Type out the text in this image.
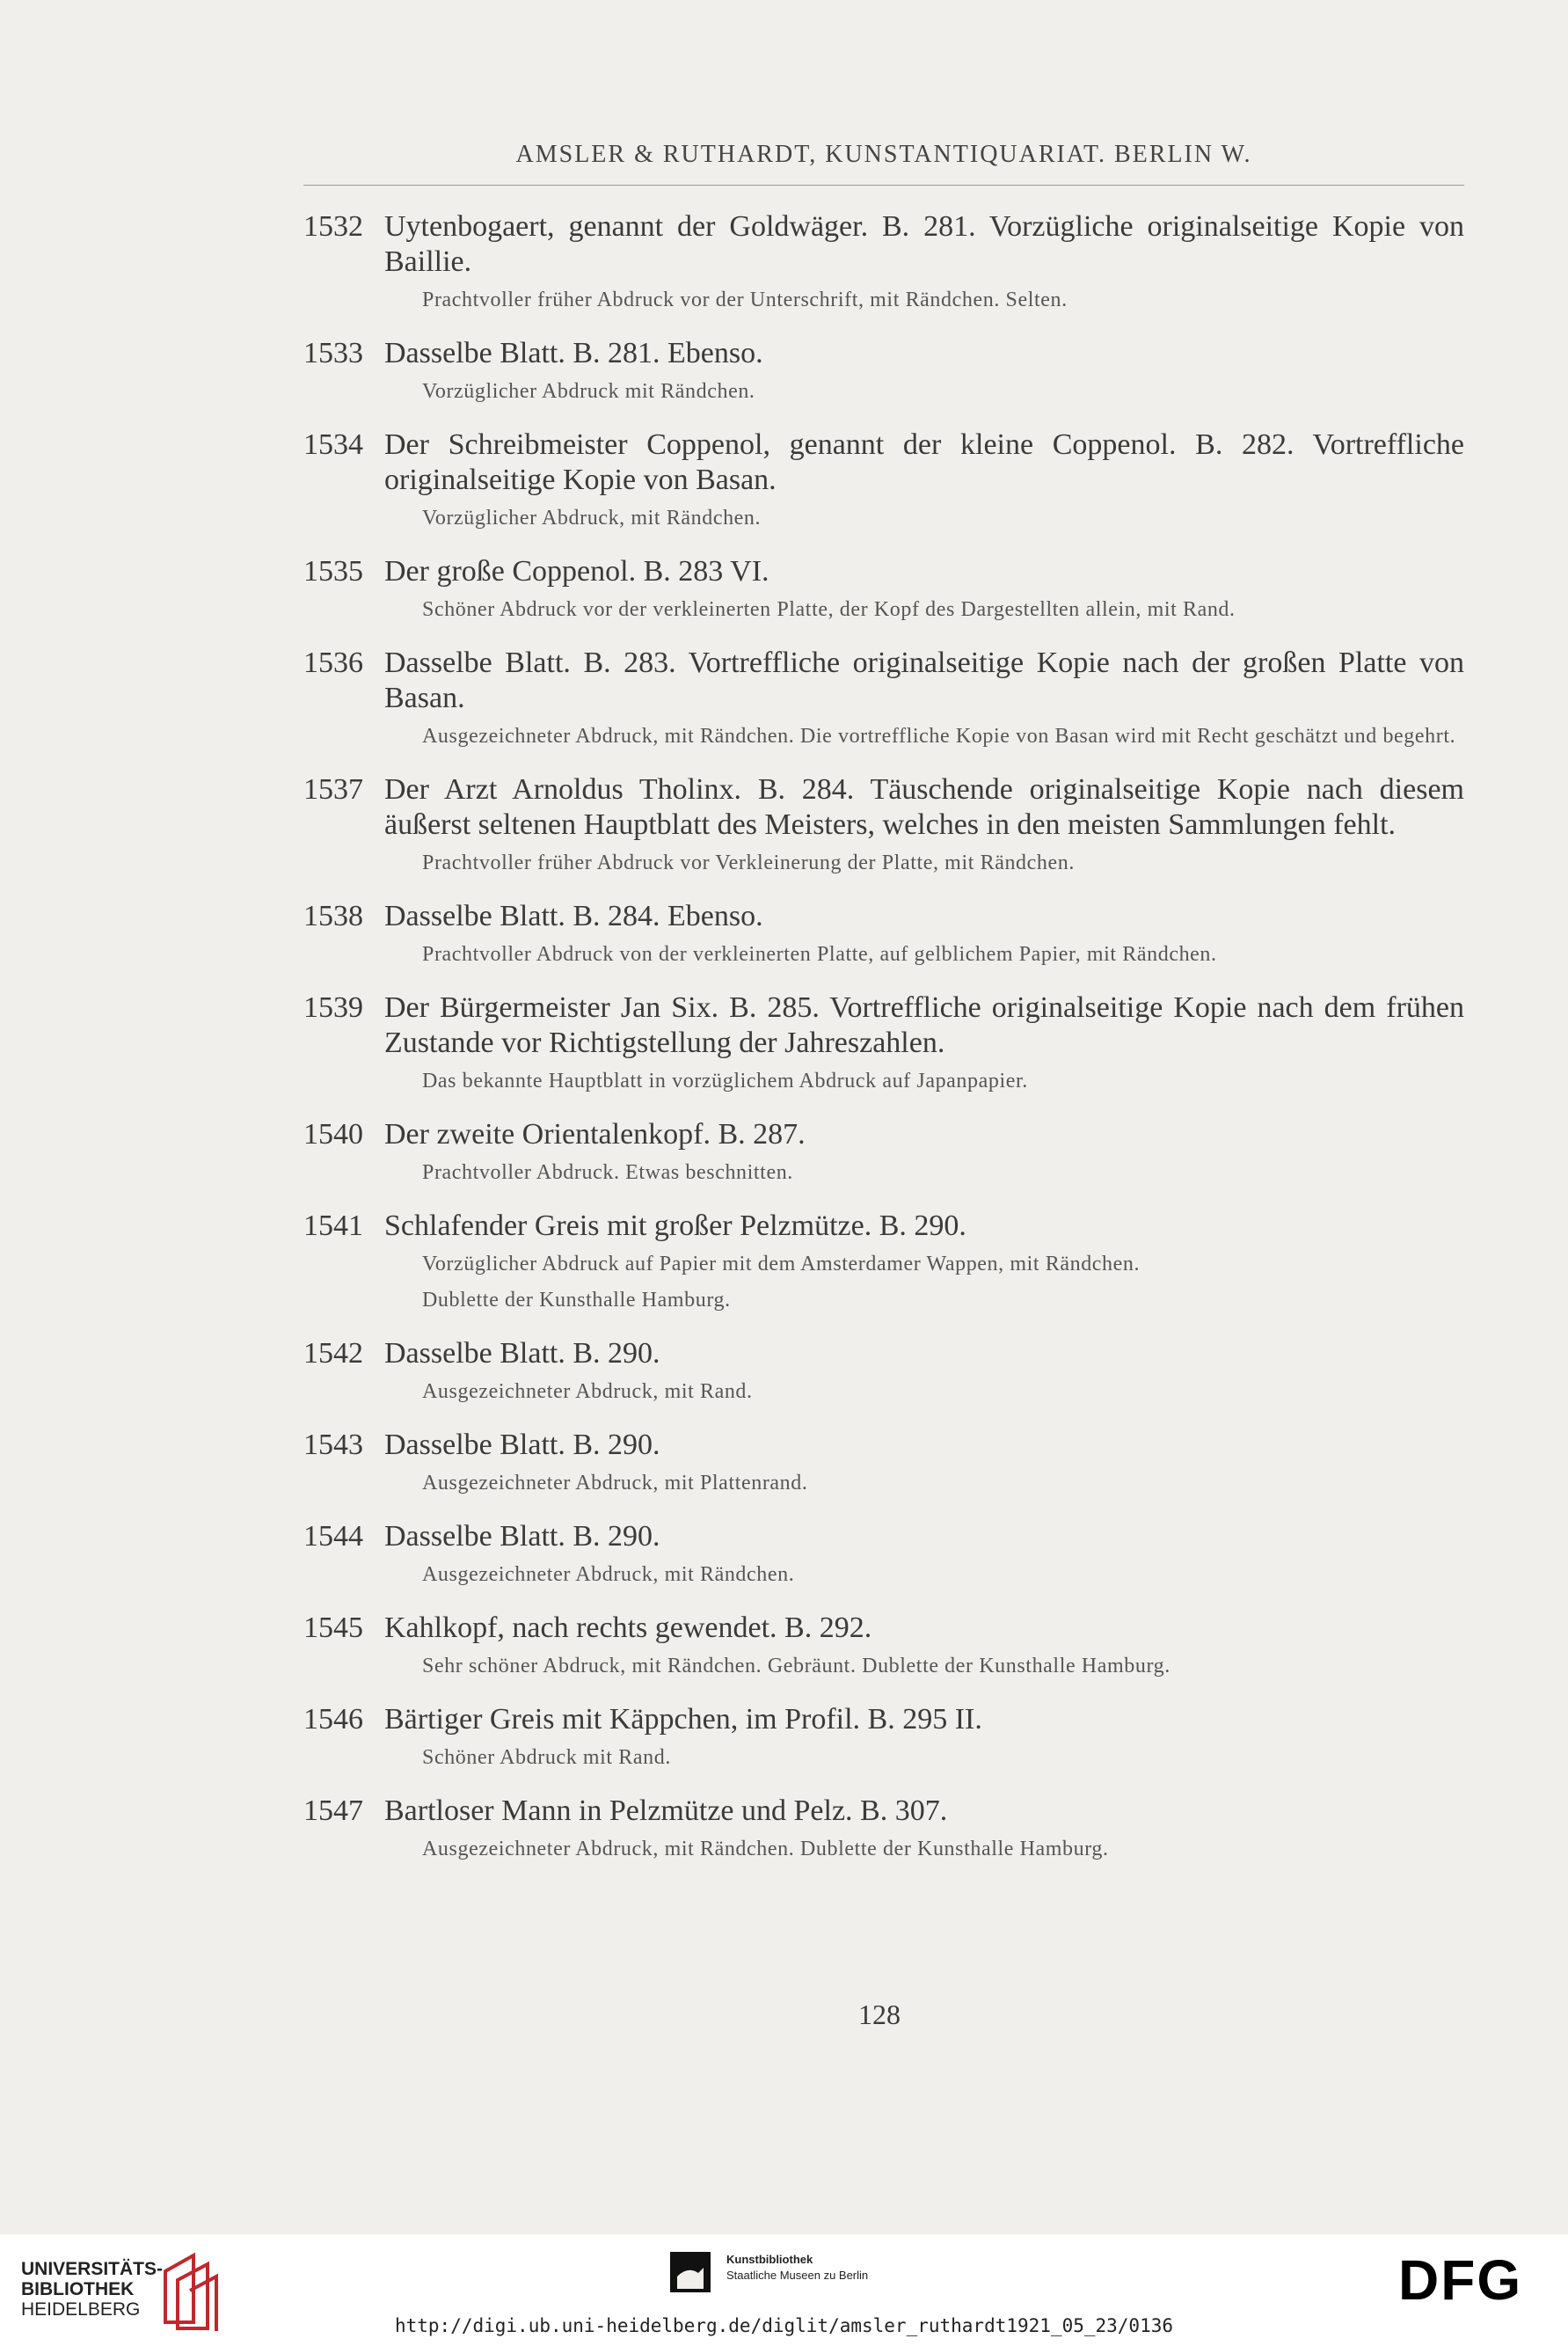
AMSLER & RUTHARDT, KUNSTANTIQUARIAT. BERLIN W.
1532 Uytenbogaert, genannt der Goldwäger. B. 281. Vorzügliche originalseitige Kopie von Baillie.
Prachtvoller früher Abdruck vor der Unterschrift, mit Rändchen. Selten.
1533 Dasselbe Blatt. B. 281. Ebenso.
Vorzüglicher Abdruck mit Rändchen.
1534 Der Schreibmeister Coppenol, genannt der kleine Coppenol. B. 282. Vortreffliche originalseitige Kopie von Basan.
Vorzüglicher Abdruck, mit Rändchen.
1535 Der große Coppenol. B. 283 VI.
Schöner Abdruck vor der verkleinerten Platte, der Kopf des Dargestellten allein, mit Rand.
1536 Dasselbe Blatt. B. 283. Vortreffliche originalseitige Kopie nach der großen Platte von Basan.
Ausgezeichneter Abdruck, mit Rändchen. Die vortreffliche Kopie von Basan wird mit Recht geschätzt und begehrt.
1537 Der Arzt Arnoldus Tholinx. B. 284. Täuschende originalseitige Kopie nach diesem äußerst seltenen Hauptblatt des Meisters, welches in den meisten Sammlungen fehlt.
Prachtvoller früher Abdruck vor Verkleinerung der Platte, mit Rändchen.
1538 Dasselbe Blatt. B. 284. Ebenso.
Prachtvoller Abdruck von der verkleinerten Platte, auf gelblichem Papier, mit Rändchen.
1539 Der Bürgermeister Jan Six. B. 285. Vortreffliche originalseitige Kopie nach dem frühen Zustande vor Richtigstellung der Jahreszahlen.
Das bekannte Hauptblatt in vorzüglichem Abdruck auf Japanpapier.
1540 Der zweite Orientalenkopf. B. 287.
Prachtvoller Abdruck. Etwas beschnitten.
1541 Schlafender Greis mit großer Pelzmütze. B. 290.
Vorzüglicher Abdruck auf Papier mit dem Amsterdamer Wappen, mit Rändchen.
Dublette der Kunsthalle Hamburg.
1542 Dasselbe Blatt. B. 290.
Ausgezeichneter Abdruck, mit Rand.
1543 Dasselbe Blatt. B. 290.
Ausgezeichneter Abdruck, mit Plattenrand.
1544 Dasselbe Blatt. B. 290.
Ausgezeichneter Abdruck, mit Rändchen.
1545 Kahlkopf, nach rechts gewendet. B. 292.
Sehr schöner Abdruck, mit Rändchen. Gebräunt. Dublette der Kunsthalle Hamburg.
1546 Bärtiger Greis mit Käppchen, im Profil. B. 295 II.
Schöner Abdruck mit Rand.
1547 Bartloser Mann in Pelzmütze und Pelz. B. 307.
Ausgezeichneter Abdruck, mit Rändchen. Dublette der Kunsthalle Hamburg.
128
UNIVERSITÄTS-
BIBLIOTHEK
HEIDELBERG
Kunstbibliothek
Staatliche Museen zu Berlin	DFG
http://digi.ub.uni-heidelberg.de/diglit/amsler_ruthardt1921_05_23/0136
